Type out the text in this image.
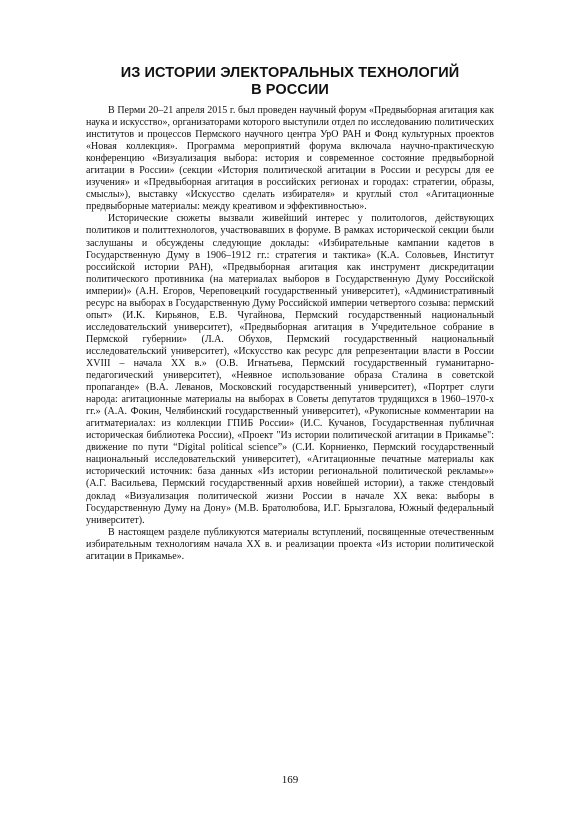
ИЗ ИСТОРИИ ЭЛЕКТОРАЛЬНЫХ ТЕХНОЛОГИЙ
В РОССИИ

В Перми 20–21 апреля 2015 г. был проведен научный форум «Предвыборная агитация как наука и искусство», организаторами которого выступили отдел по исследованию политических институтов и процессов Пермского научного центра УрО РАН и Фонд культурных проектов «Новая коллекция». Программа мероприятий форума включала научно-практическую конференцию «Визуализация выбора: история и современное состояние предвыборной агитации в России» (секции «История политической агитации в России и ресурсы для ее изучения» и «Предвыборная агитация в российских регионах и городах: стратегии, образы, смыслы»), выставку «Искусство сделать избирателя» и круглый стол «Агитационные предвыборные материалы: между креативом и эффективностью».

Исторические сюжеты вызвали живейший интерес у политологов, действующих политиков и политтехнологов, участвовавших в форуме. В рамках исторической секции были заслушаны и обсуждены следующие доклады: «Избирательные кампании кадетов в Государственную Думу в 1906–1912 гг.: стратегия и тактика» (К.А. Соловьев, Институт российской истории РАН), «Предвыборная агитация как инструмент дискредитации политического противника (на материалах выборов в Государственную Думу Российской империи)» (А.Н. Егоров, Череповецкий государственный университет), «Административный ресурс на выборах в Государственную Думу Российской империи четвертого созыва: пермский опыт» (И.К. Кирьянов, Е.В. Чугайнова, Пермский государственный национальный исследовательский университет), «Предвыборная агитация в Учредительное собрание в Пермской губернии» (Л.А. Обухов, Пермский государственный национальный исследовательский университет), «Искусство как ресурс для репрезентации власти в России XVIII – начала XX в.» (О.В. Игнатьева, Пермский государственный гуманитарно-педагогический университет), «Неявное использование образа Сталина в советской пропаганде» (В.А. Леванов, Московский государственный университет), «Портрет слуги народа: агитационные материалы на выборах в Советы депутатов трудящихся в 1960–1970-х гг.» (А.А. Фокин, Челябинский государственный университет), «Рукописные комментарии на агитматериалах: из коллекции ГПИБ России» (И.С. Кучанов, Государственная публичная историческая библиотека России), «Проект "Из истории политической агитации в Прикамье": движение по пути “Digital political science”» (С.И. Корниенко, Пермский государственный национальный исследовательский университет), «Агитационные печатные материалы как исторический источник: база данных «Из истории региональной политической рекламы»» (А.Г. Васильева, Пермский государственный архив новейшей истории), а также стендовый доклад «Визуализация политической жизни России в начале XX века: выборы в Государственную Думу на Дону» (М.В. Братолюбова, И.Г. Брызгалова, Южный федеральный университет).

В настоящем разделе публикуются материалы вступлений, посвященные отечественным избирательным технологиям начала XX в. и реализации проекта «Из истории политической агитации в Прикамье».

169
